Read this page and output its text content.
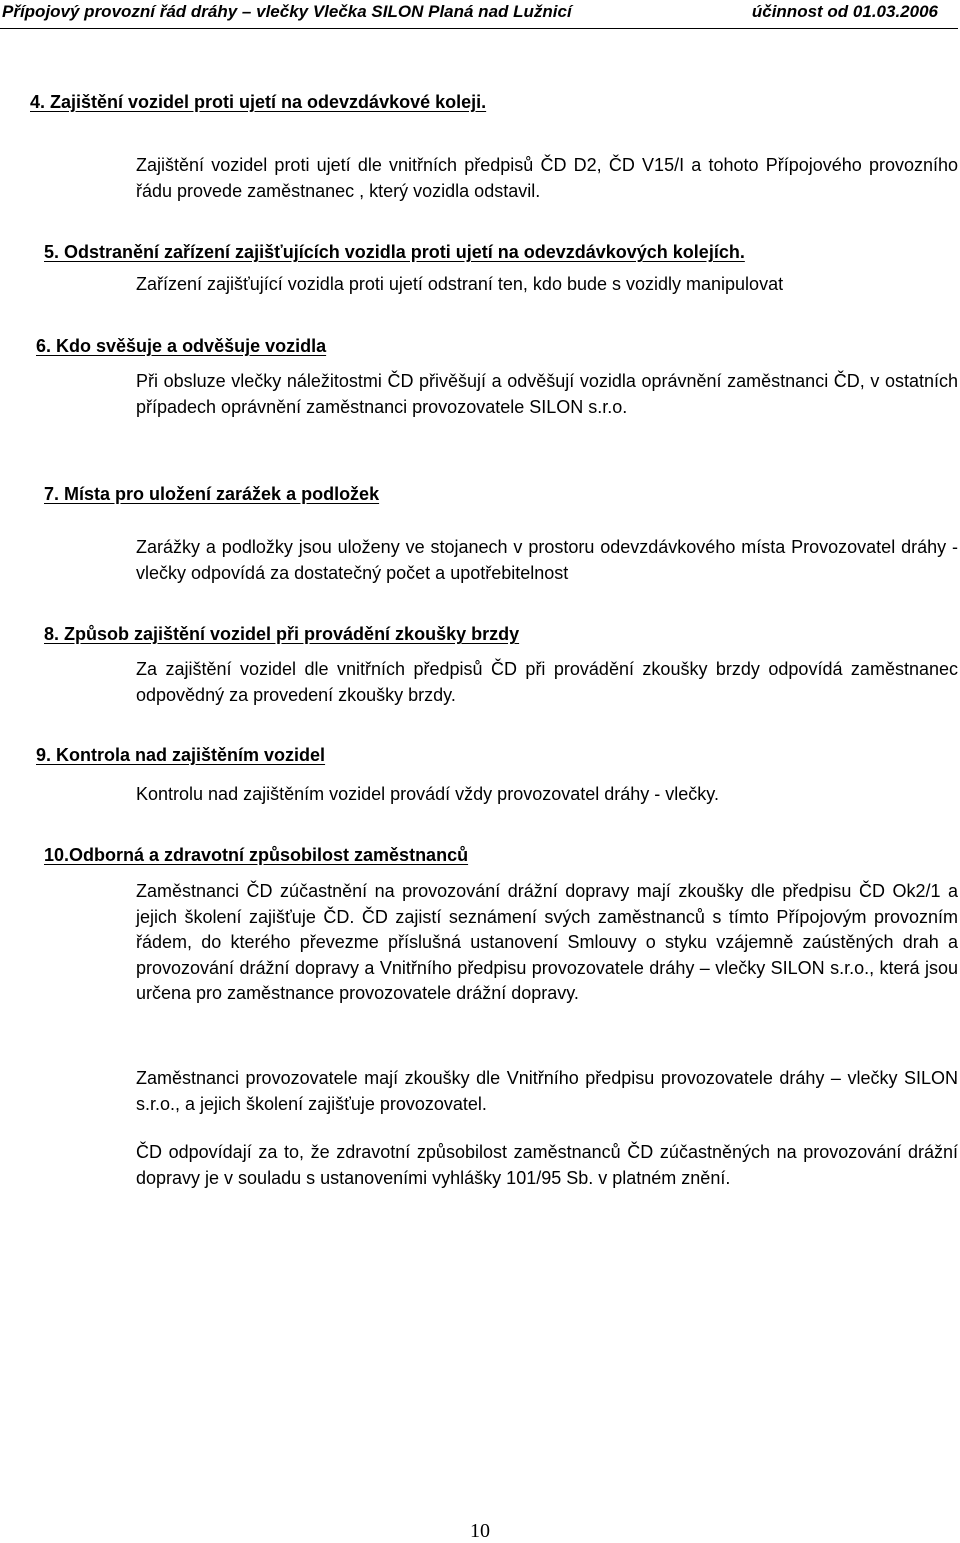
Přípojový provozní řád dráhy – vlečky Vlečka SILON Planá nad Lužnicí	účinnost od 01.03.2006
4. Zajištění vozidel proti ujetí na odevzdávkové koleji.
Zajištění vozidel proti ujetí dle vnitřních předpisů ČD D2, ČD V15/I a tohoto Přípojového provozního řádu provede zaměstnanec , který vozidla odstavil.
5. Odstranění zařízení zajišťujících vozidla proti ujetí na odevzdávkových kolejích.
Zařízení zajišťující vozidla proti ujetí odstraní ten, kdo bude s vozidly manipulovat
6. Kdo svěšuje a odvěšuje vozidla
Při obsluze vlečky náležitostmi ČD přivěšují a odvěšují vozidla oprávnění zaměstnanci ČD, v ostatních případech oprávnění zaměstnanci provozovatele SILON s.r.o.
7. Místa pro uložení zarážek a podložek
Zarážky a podložky jsou uloženy ve stojanech v prostoru odevzdávkového místa Provozovatel dráhy - vlečky odpovídá za dostatečný počet a upotřebitelnost
8. Způsob zajištění vozidel při provádění zkoušky brzdy
Za zajištění vozidel dle vnitřních předpisů ČD při provádění zkoušky brzdy odpovídá zaměstnanec odpovědný za provedení zkoušky brzdy.
9. Kontrola nad zajištěním vozidel
Kontrolu nad zajištěním vozidel provádí vždy provozovatel dráhy - vlečky.
10.Odborná a zdravotní způsobilost zaměstnanců
Zaměstnanci ČD zúčastnění na provozování drážní dopravy mají zkoušky dle předpisu ČD Ok2/1 a jejich školení zajišťuje ČD. ČD zajistí seznámení svých zaměstnanců s tímto Přípojovým provozním řádem, do kterého převezme příslušná ustanovení Smlouvy o styku vzájemně zaústěných drah a provozování drážní dopravy a Vnitřního předpisu provozovatele dráhy – vlečky SILON s.r.o., která jsou určena pro zaměstnance provozovatele drážní dopravy.
Zaměstnanci provozovatele mají zkoušky dle Vnitřního předpisu provozovatele dráhy – vlečky SILON s.r.o., a jejich školení zajišťuje provozovatel.
ČD odpovídají za to, že zdravotní způsobilost zaměstnanců ČD zúčastněných na provozování drážní dopravy je v souladu s ustanoveními vyhlášky 101/95 Sb. v platném znění.
10
